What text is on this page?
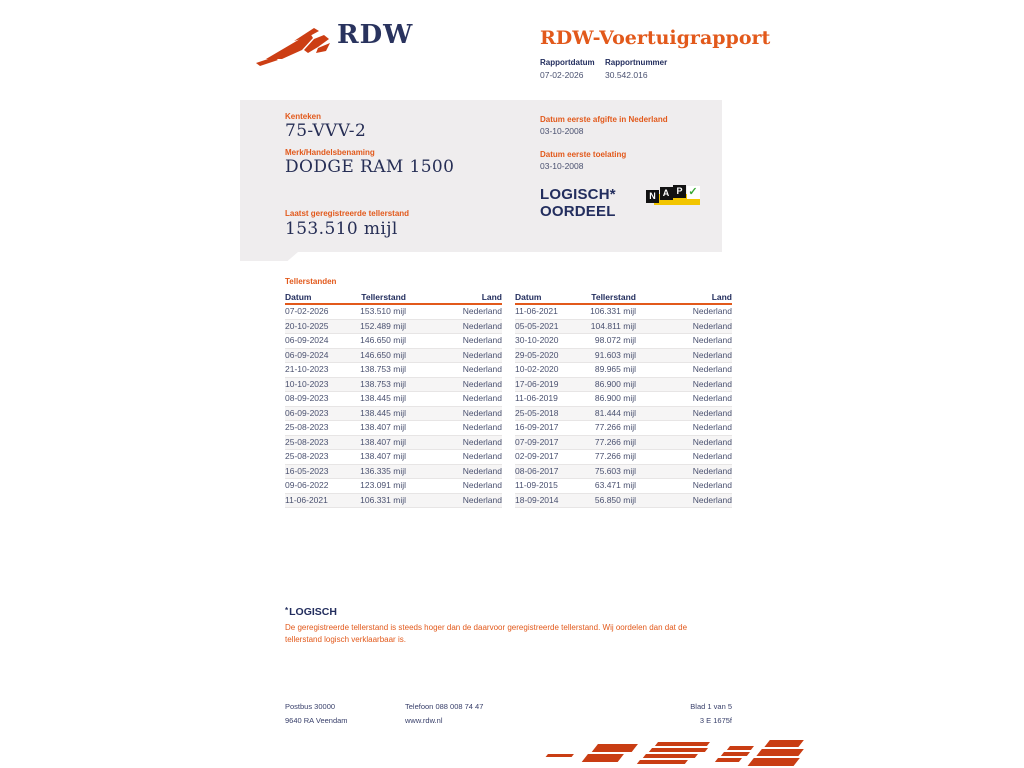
RDW	RDW-Voertuigrapport
Rapportdatum
07-02-2026
Rapportnummer
30.542.016
Kenteken
75-VVV-2
Merk/Handelsbenaming
DODGE RAM 1500
Laatst geregistreerde tellerstand
153.510 mijl
Datum eerste afgifte in Nederland
03-10-2008
Datum eerste toelating
03-10-2008
LOGISCH*
OORDEEL
N A P ✓
Tellerstanden
Datum	Tellerstand	Land
07-02-2026	153.510 mijl	Nederland
20-10-2025	152.489 mijl	Nederland
06-09-2024	146.650 mijl	Nederland
06-09-2024	146.650 mijl	Nederland
21-10-2023	138.753 mijl	Nederland
10-10-2023	138.753 mijl	Nederland
08-09-2023	138.445 mijl	Nederland
06-09-2023	138.445 mijl	Nederland
25-08-2023	138.407 mijl	Nederland
25-08-2023	138.407 mijl	Nederland
25-08-2023	138.407 mijl	Nederland
16-05-2023	136.335 mijl	Nederland
09-06-2022	123.091 mijl	Nederland
11-06-2021	106.331 mijl	Nederland
Datum	Tellerstand	Land
11-06-2021	106.331 mijl	Nederland
05-05-2021	104.811 mijl	Nederland
30-10-2020	98.072 mijl	Nederland
29-05-2020	91.603 mijl	Nederland
10-02-2020	89.965 mijl	Nederland
17-06-2019	86.900 mijl	Nederland
11-06-2019	86.900 mijl	Nederland
25-05-2018	81.444 mijl	Nederland
16-09-2017	77.266 mijl	Nederland
07-09-2017	77.266 mijl	Nederland
02-09-2017	77.266 mijl	Nederland
08-06-2017	75.603 mijl	Nederland
11-09-2015	63.471 mijl	Nederland
18-09-2014	56.850 mijl	Nederland
*LOGISCH
De geregistreerde tellerstand is steeds hoger dan de daarvoor geregistreerde tellerstand. Wij oordelen dan dat de tellerstand logisch verklaarbaar is.
Postbus 30000
9640 RA Veendam
Telefoon 088 008 74 47
www.rdw.nl
Blad 1 van 5
3 E 1675f
